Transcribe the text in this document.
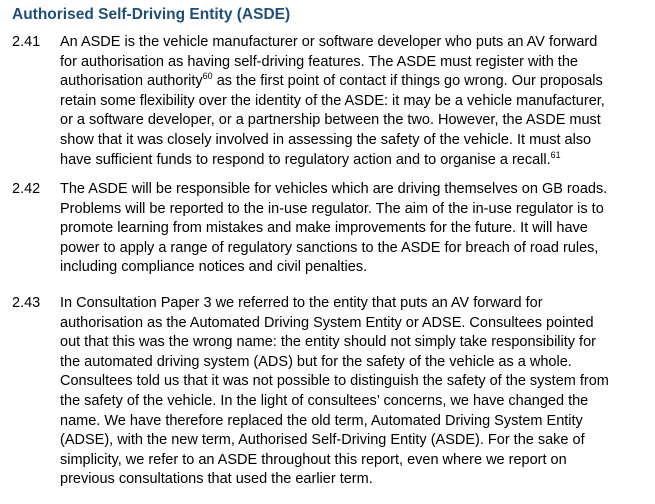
Authorised Self-Driving Entity (ASDE)
2.41	An ASDE is the vehicle manufacturer or software developer who puts an AV forward
for authorisation as having self-driving features. The ASDE must register with the
authorisation authority$^{60}$ as the first point of contact if things go wrong. Our proposals
retain some flexibility over the identity of the ASDE: it may be a vehicle manufacturer,
or a software developer, or a partnership between the two. However, the ASDE must
show that it was closely involved in assessing the safety of the vehicle. It must also
have sufficient funds to respond to regulatory action and to organise a recall.$^{61}$
2.42	The ASDE will be responsible for vehicles which are driving themselves on GB roads.
Problems will be reported to the in-use regulator. The aim of the in-use regulator is to
promote learning from mistakes and make improvements for the future. It will have
power to apply a range of regulatory sanctions to the ASDE for breach of road rules,
including compliance notices and civil penalties.
2.43	In Consultation Paper 3 we referred to the entity that puts an AV forward for
authorisation as the Automated Driving System Entity or ADSE. Consultees pointed
out that this was the wrong name: the entity should not simply take responsibility for
the automated driving system (ADS) but for the safety of the vehicle as a whole.
Consultees told us that it was not possible to distinguish the safety of the system from
the safety of the vehicle. In the light of consultees’ concerns, we have changed the
name. We have therefore replaced the old term, Automated Driving System Entity
(ADSE), with the new term, Authorised Self-Driving Entity (ASDE). For the sake of
simplicity, we refer to an ASDE throughout this report, even where we report on
previous consultations that used the earlier term.
